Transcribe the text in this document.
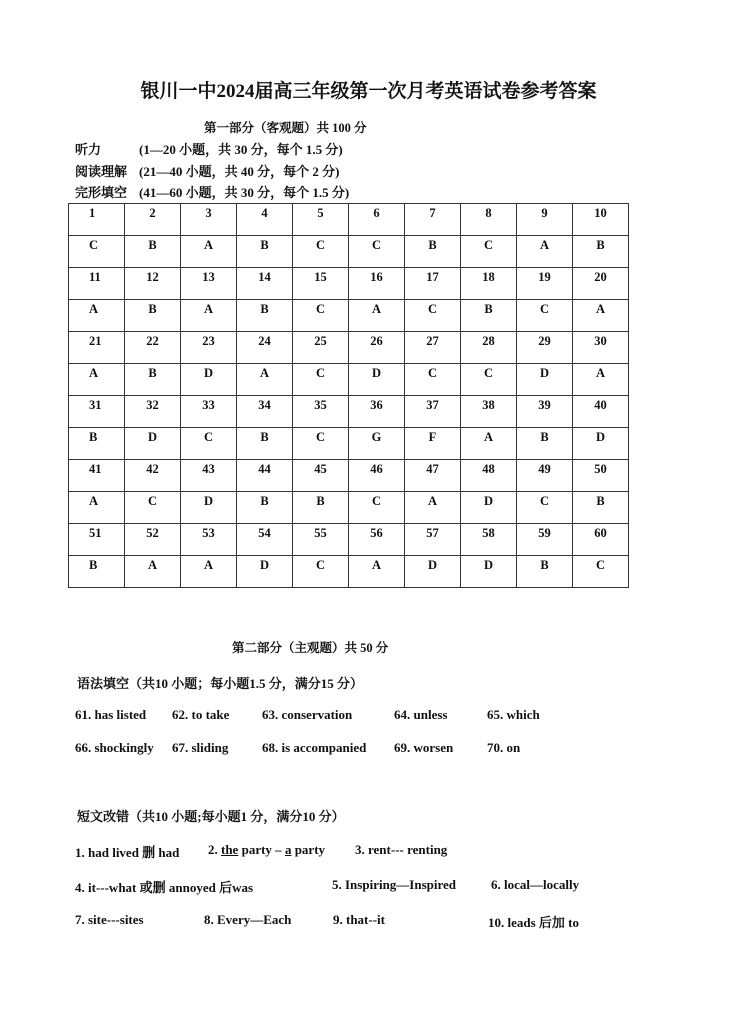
银川一中2024届高三年级第一次月考英语试卷参考答案
第一部分（客观题）共 100 分
听力	(1—20 小题，共 30 分，每个 1.5 分)
阅读理解 (21—40 小题，共 40 分，每个 2 分)
完形填空 (41—60 小题，共 30 分，每个 1.5 分)
1	2	3	4	5	6	7	8	9	10
C	B	A	B	C	C	B	C	A	B
11	12	13	14	15	16	17	18	19	20
A	B	A	B	C	A	C	B	C	A
21	22	23	24	25	26	27	28	29	30
A	B	D	A	C	D	C	C	D	A
31	32	33	34	35	36	37	38	39	40
B	D	C	B	C	G	F	A	B	D
41	42	43	44	45	46	47	48	49	50
A	C	D	B	B	C	A	D	C	B
51	52	53	54	55	56	57	58	59	60
B	A	A	D	C	A	D	D	B	C
第二部分（主观题）共 50 分
语法填空（共10 小题；每小题1.5 分，满分15 分）
61. has listed 62. to take	63. conservation	64. unless	65. which
66. shockingly 67. sliding	68. is accompanied 69. worsen	70. on
短文改错（共10 小题;每小题1 分，满分10 分）
1. had lived 删 had 2. the party – a party 3. rent--- renting
4. it---what 或删 annoyed 后was	5. Inspiring—Inspired	6. local—locally
7. site---sites	8. Every—Each	9. that--it	10. leads 后加 to
